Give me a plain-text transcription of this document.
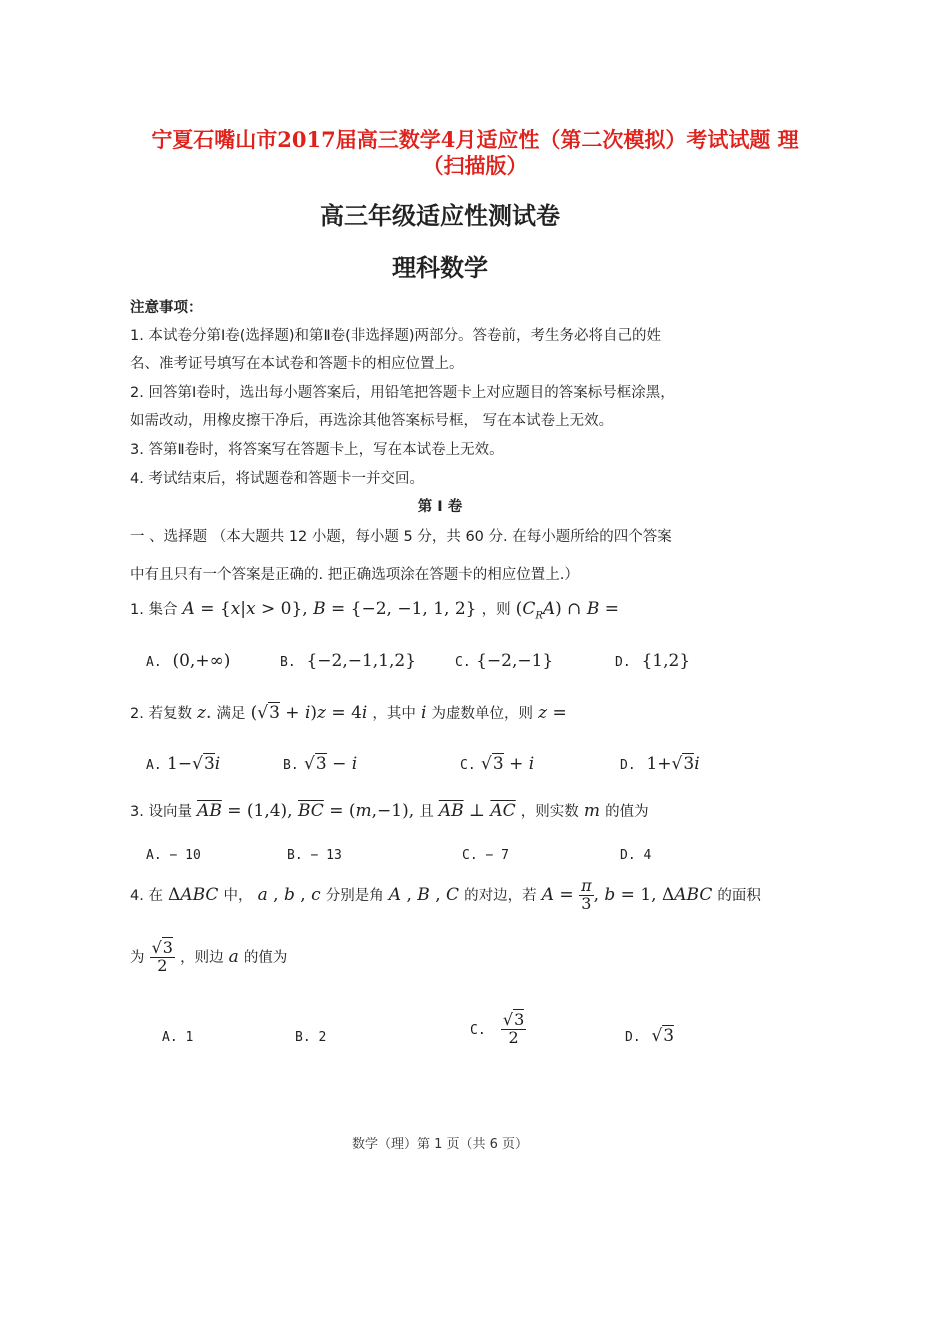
宁夏石嘴山市2017届高三数学4月适应性（第二次模拟）考试试题 理
（扫描版）
高三年级适应性测试卷
理科数学
注意事项：
1. 本试卷分第Ⅰ卷(选择题)和第Ⅱ卷(非选择题)两部分。答卷前，考生务必将自己的姓
名、准考证号填写在本试卷和答题卡的相应位置上。
2. 回答第Ⅰ卷时，选出每小题答案后，用铅笔把答题卡上对应题目的答案标号框涂黑，
如需改动，用橡皮擦干净后，再选涂其他答案标号框， 写在本试卷上无效。
3. 答第Ⅱ卷时，将答案写在答题卡上，写在本试卷上无效。
4. 考试结束后，将试题卷和答题卡一并交回。
第 I 卷
一 、选择题 （本大题共 12 小题，每小题 5 分，共 60 分. 在每小题所给的四个答案
中有且只有一个答案是正确的. 把正确选项涂在答题卡的相应位置上.）
1. 集合 A = {x|x > 0}, B = {−2, −1, 1, 2} ，则 $(C_RA)$ ∩ B =
A. (0,+∞)	B. {−2,−1,1,2}	C. {−2,−1}	D. {1,2}
2. 若复数 z. 满足 (√3 + i)z = 4i ，其中 i 为虚数单位，则 z =
A. 1−√3i	B. √3 − i	C. √3 + i	D.  1+√3i
3. 设向量 $\overline{AB} = (1,4)$, $\overline{BC} = (m,-1)$, 且 $\overline{AB}$ ⊥ $\overline{AC}$ ，则实数 m 的值为
A. − 10	B. − 13	C. − 7	D. 4
4. 在 ΔABC 中， a , b , c 分别是角 A , B , C 的对边，若 $A = \frac{\pi}{3}$ , b = 1, ΔABC 的面积
为 $\frac{√3}{2}$ ，则边 a 的值为
A. 1	B. 2	C. $\frac{√3}{2}$	D.  √3
数学（理）第 1 页（共 6 页）
